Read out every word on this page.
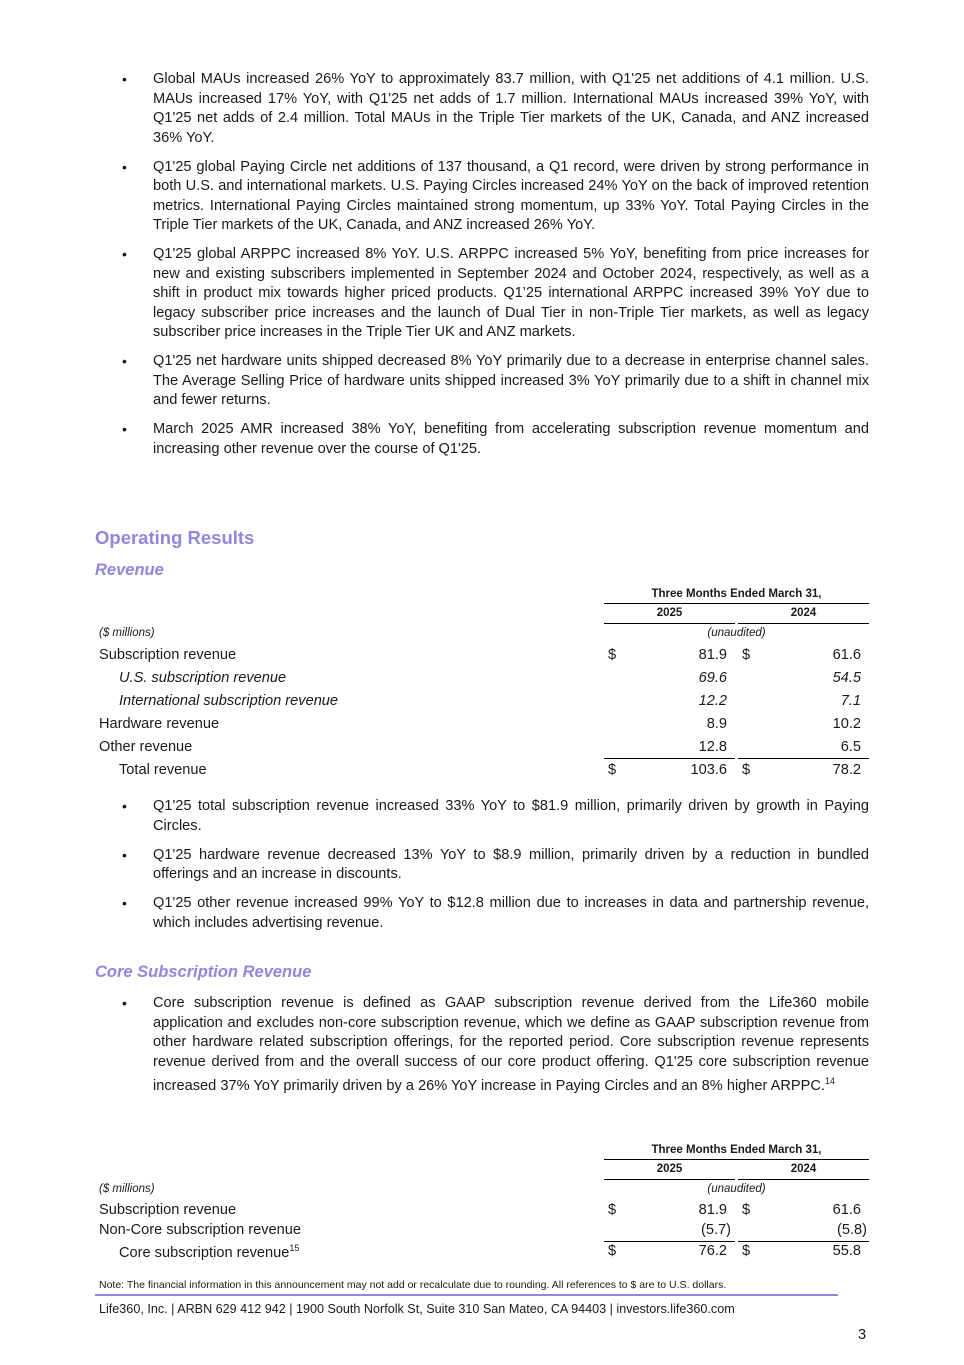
• Global MAUs increased 26% YoY to approximately 83.7 million, with Q1'25 net additions of 4.1 million. U.S. MAUs increased 17% YoY, with Q1'25 net adds of 1.7 million. International MAUs increased 39% YoY, with Q1'25 net adds of 2.4 million. Total MAUs in the Triple Tier markets of the UK, Canada, and ANZ increased 36% YoY.
• Q1'25 global Paying Circle net additions of 137 thousand, a Q1 record, were driven by strong performance in both U.S. and international markets. U.S. Paying Circles increased 24% YoY on the back of improved retention metrics. International Paying Circles maintained strong momentum, up 33% YoY. Total Paying Circles in the Triple Tier markets of the UK, Canada, and ANZ increased 26% YoY.
• Q1'25 global ARPPC increased 8% YoY. U.S. ARPPC increased 5% YoY, benefiting from price increases for new and existing subscribers implemented in September 2024 and October 2024, respectively, as well as a shift in product mix towards higher priced products. Q1’25 international ARPPC increased 39% YoY due to legacy subscriber price increases and the launch of Dual Tier in non-Triple Tier markets, as well as legacy subscriber price increases in the Triple Tier UK and ANZ markets.
• Q1'25 net hardware units shipped decreased 8% YoY primarily due to a decrease in enterprise channel sales. The Average Selling Price of hardware units shipped increased 3% YoY primarily due to a shift in channel mix and fewer returns.
• March 2025 AMR increased 38% YoY, benefiting from accelerating subscription revenue momentum and increasing other revenue over the course of Q1'25.
Operating Results
Revenue
Three Months Ended March 31,
2025	2024
($ millions)	(unaudited)
Subscription revenue	$	81.9 $	61.6
U.S. subscription revenue	69.6	54.5
International subscription revenue	12.2	7.1
Hardware revenue	8.9	10.2
Other revenue	12.8	6.5
Total revenue	$	103.6 $	78.2
• Q1'25 total subscription revenue increased 33% YoY to $81.9 million, primarily driven by growth in Paying Circles.
• Q1'25 hardware revenue decreased 13% YoY to $8.9 million, primarily driven by a reduction in bundled offerings and an increase in discounts.
• Q1'25 other revenue increased 99% YoY to $12.8 million due to increases in data and partnership revenue, which includes advertising revenue.
Core Subscription Revenue
• Core subscription revenue is defined as GAAP subscription revenue derived from the Life360 mobile application and excludes non-core subscription revenue, which we define as GAAP subscription revenue from other hardware related subscription offerings, for the reported period. Core subscription revenue represents revenue derived from and the overall success of our core product offering. Q1'25 core subscription revenue increased 37% YoY primarily driven by a 26% YoY increase in Paying Circles and an 8% higher ARPPC.$^{14}$
Three Months Ended March 31,
2025	2024
($ millions)	(unaudited)
Subscription revenue	$	81.9 $	61.6
Non-Core subscription revenue	(5.7)	(5.8)
Core subscription revenue$^{15}$	$	76.2 $	55.8
Note: The financial information in this announcement may not add or recalculate due to rounding. All references to $ are to U.S. dollars.
Life360, Inc. | ARBN 629 412 942 | 1900 South Norfolk St, Suite 310 San Mateo, CA 94403 | investors.life360.com
3
